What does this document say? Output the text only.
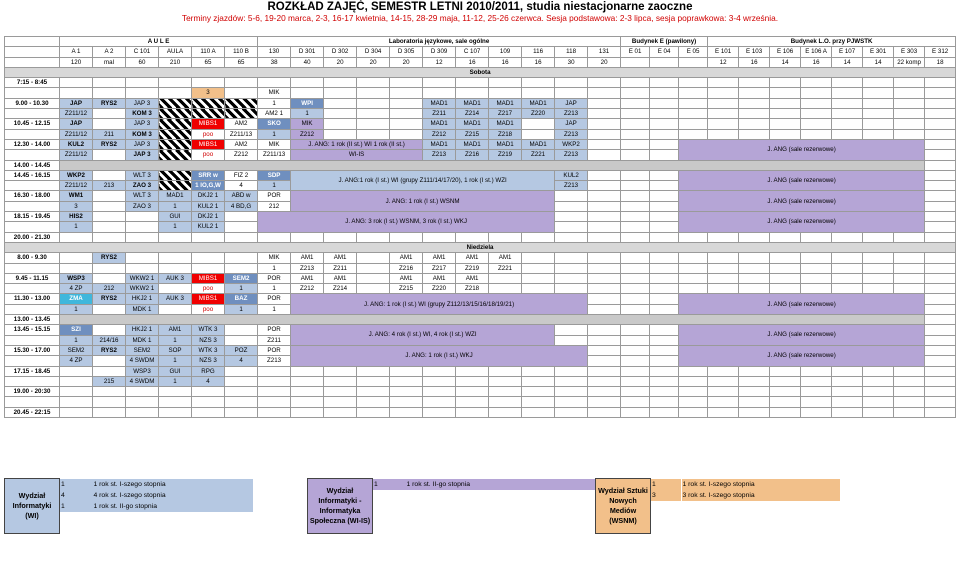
ROZKŁAD ZAJĘĆ, SEMESTR LETNI 2010/2011, studia niestacjonarne zaoczne
Terminy zjazdów: 5-6, 19-20 marca, 2-3, 16-17 kwietnia, 14-15, 28-29 maja, 11-12, 25-26 czerwca. Sesja podstawowa: 2-3 lipca, sesja poprawkowa: 3-4 września.
	A U L E						Laboratoria językowe, sale ogólne											Budynek E (pawilony)			Budynek L.O. przy PJWSTK							
	A 1	A 2	C 101	AULA	110 A	110 B	130	D 301	D 302	D 304	D 305	D 309	C 107	109	116	118	131	E 01	E 04	E 05	E 101	E 103	E 106	E 106 A	E 107	E 301	E 303	E 312
	120	mal	60	210	65	65	38	40	20	20	20	12	16	16	16	30	20				12	16	14	16	14	14	22 komp	18
Sobota																												
7:15 - 8:45																												
					3		MIK																					
9.00 - 10.30	JAP	RYS2	JAP 3				1	WPI				MAD1	MAD1	MAD1	MAD1	JAP												
	Z211/12		KOM 3				AM2 1	1				Z211	Z214	Z217	Z220	Z213												
10.45 - 12.15	JAP		JAP 3		MIBS1	AM2	SKO	MIK				MAD1	MAD1	MAD1		JAP												
	Z211/12	211	KOM 3		poo	Z211/13	1	Z212				Z212	Z215	Z218		Z213												
12.30 - 14.00	KUL2	RYS2	JAP 3		MIBS1	AM2	MIK	J. ANG: 1 rok (II st.) WI 1 rok (II st.)				MAD1	MAD1	MAD1	MAD1	WKP2				J. ANG (sale rezerwowe)								
	Z211/12		JAP 3		poo	Z212	Z211/13	WI-IS				Z213	Z216	Z219	Z221	Z213												
14.00 - 14.45																												
14.45 - 16.15	WKP2		WLT 3		SRR w	FIZ 2	SDP	J. ANG:1 rok (I st.) WI (grupy Z111/14/17/20), 1 rok (I st.) WZI								KUL2				J. ANG (sale rezerwowe)								
	Z211/12	213	ZAO 3		1 IO,G,W	4	1									Z213												
16.30 - 18.00	WM1		WLT 3	MAD1	DKJ2 1	ABD w	POR	J. ANG: 1 rok (I st.) WSNM												J. ANG (sale rezerwowe)								
	3		ZAO 3	1	KUL2 1	4 BD,G	212																					
18.15 - 19.45	HIS2			GUI	DKJ2 1		J. ANG: 3 rok (I st.) WSNM, 3 rok (I st.) WKJ													J. ANG (sale rezerwowe)								
	1			1	KUL2 1																							
20.00 - 21.30																												
Niedziela																												
8.00 - 9.30		RYS2					MIK	AM1	AM1		AM1	AM1	AM1	AM1														
							1	Z213	Z211		Z216	Z217	Z219	Z221														
9.45 - 11.15	WSP3		WKW2 1	AUK 3	MIBS1	SEM2	POR	AM1	AM1		AM1	AM1	AM1															
	4 ZP	212	WKW2 1		poo	1	1	Z212	Z214		Z215	Z220	Z218															
11.30 - 13.00	ZMA	RYS2	HKJ2 1	AUK 3	MIBS1	BAZ	POR	J. ANG: 1 rok (I st.) WI (grupy Z112/13/15/16/18/19/21)												J. ANG (sale rezerwowe)								
	1		MDK 1		poo	1	1																					
13.00 - 13.45																												
13.45 - 15.15	SZI		HKJ2 1	AM1	WTK 3		POR	J. ANG: 4 rok (I st.) WI, 4 rok (I st.) WZI												J. ANG (sale rezerwowe)								
	1	214/16	MDK 1	1	NZS 3		Z211																					
15.30 - 17.00	SEM2	RYS2	SEM2	SOP	WTK 3	POZ	POR	J. ANG: 1 rok (I st.) WKJ												J. ANG (sale rezerwowe)								
	4 ZP		4 SWDM	1	NZS 3	4	Z213																					
17.15 - 18.45			WSP3	GUI	RPG																							
		215	4 SWDM	1	4																							
19.00 - 20:30																												

20.45 - 22:15																												
Wydział Informatyki (WI)	1	1 rok st. I-szego stopnia		Wydział Informatyki - Informatyka Społeczna (WI-IS)	1	1 rok st. II-go stopnia	Wydział Sztuki Nowych Mediów (WSNM)	1	1 rok st. I-szego stopnia	
	4	4 rok st. I-szego stopnia						3	3 rok st. I-szego stopnia	
	1	1 rok st. II-go stopnia								
